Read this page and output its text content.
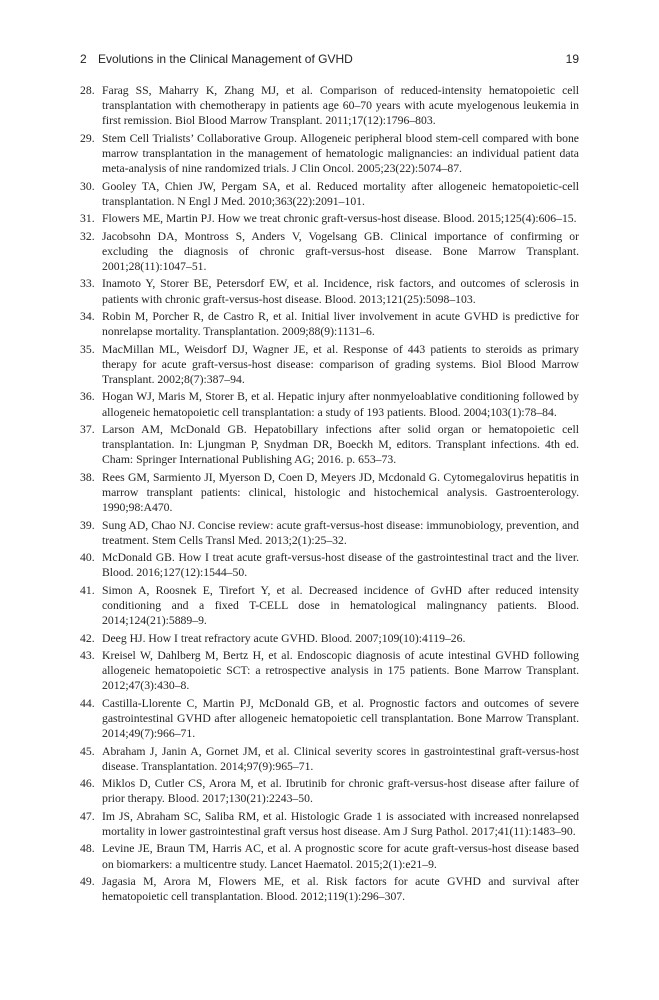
2 Evolutions in the Clinical Management of GVHD	19
28. Farag SS, Maharry K, Zhang MJ, et al. Comparison of reduced-intensity hematopoietic cell transplantation with chemotherapy in patients age 60–70 years with acute myelogenous leukemia in first remission. Biol Blood Marrow Transplant. 2011;17(12):1796–803.
29. Stem Cell Trialists’ Collaborative Group. Allogeneic peripheral blood stem-cell compared with bone marrow transplantation in the management of hematologic malignancies: an individual patient data meta-analysis of nine randomized trials. J Clin Oncol. 2005;23(22):5074–87.
30. Gooley TA, Chien JW, Pergam SA, et al. Reduced mortality after allogeneic hematopoietic-cell transplantation. N Engl J Med. 2010;363(22):2091–101.
31. Flowers ME, Martin PJ. How we treat chronic graft-versus-host disease. Blood. 2015;125(4):606–15.
32. Jacobsohn DA, Montross S, Anders V, Vogelsang GB. Clinical importance of confirming or excluding the diagnosis of chronic graft-versus-host disease. Bone Marrow Transplant. 2001;28(11):1047–51.
33. Inamoto Y, Storer BE, Petersdorf EW, et al. Incidence, risk factors, and outcomes of sclerosis in patients with chronic graft-versus-host disease. Blood. 2013;121(25):5098–103.
34. Robin M, Porcher R, de Castro R, et al. Initial liver involvement in acute GVHD is predictive for nonrelapse mortality. Transplantation. 2009;88(9):1131–6.
35. MacMillan ML, Weisdorf DJ, Wagner JE, et al. Response of 443 patients to steroids as primary therapy for acute graft-versus-host disease: comparison of grading systems. Biol Blood Marrow Transplant. 2002;8(7):387–94.
36. Hogan WJ, Maris M, Storer B, et al. Hepatic injury after nonmyeloablative conditioning followed by allogeneic hematopoietic cell transplantation: a study of 193 patients. Blood. 2004;103(1):78–84.
37. Larson AM, McDonald GB. Hepatobillary infections after solid organ or hematopoietic cell transplantation. In: Ljungman P, Snydman DR, Boeckh M, editors. Transplant infections. 4th ed. Cham: Springer International Publishing AG; 2016. p. 653–73.
38. Rees GM, Sarmiento JI, Myerson D, Coen D, Meyers JD, Mcdonald G. Cytomegalovirus hepatitis in marrow transplant patients: clinical, histologic and histochemical analysis. Gastroenterology. 1990;98:A470.
39. Sung AD, Chao NJ. Concise review: acute graft-versus-host disease: immunobiology, prevention, and treatment. Stem Cells Transl Med. 2013;2(1):25–32.
40. McDonald GB. How I treat acute graft-versus-host disease of the gastrointestinal tract and the liver. Blood. 2016;127(12):1544–50.
41. Simon A, Roosnek E, Tirefort Y, et al. Decreased incidence of GvHD after reduced intensity conditioning and a fixed T-CELL dose in hematological malingnancy patients. Blood. 2014;124(21):5889–9.
42. Deeg HJ. How I treat refractory acute GVHD. Blood. 2007;109(10):4119–26.
43. Kreisel W, Dahlberg M, Bertz H, et al. Endoscopic diagnosis of acute intestinal GVHD following allogeneic hematopoietic SCT: a retrospective analysis in 175 patients. Bone Marrow Transplant. 2012;47(3):430–8.
44. Castilla-Llorente C, Martin PJ, McDonald GB, et al. Prognostic factors and outcomes of severe gastrointestinal GVHD after allogeneic hematopoietic cell transplantation. Bone Marrow Transplant. 2014;49(7):966–71.
45. Abraham J, Janin A, Gornet JM, et al. Clinical severity scores in gastrointestinal graft-versus-host disease. Transplantation. 2014;97(9):965–71.
46. Miklos D, Cutler CS, Arora M, et al. Ibrutinib for chronic graft-versus-host disease after failure of prior therapy. Blood. 2017;130(21):2243–50.
47. Im JS, Abraham SC, Saliba RM, et al. Histologic Grade 1 is associated with increased nonrelapsed mortality in lower gastrointestinal graft versus host disease. Am J Surg Pathol. 2017;41(11):1483–90.
48. Levine JE, Braun TM, Harris AC, et al. A prognostic score for acute graft-versus-host disease based on biomarkers: a multicentre study. Lancet Haematol. 2015;2(1):e21–9.
49. Jagasia M, Arora M, Flowers ME, et al. Risk factors for acute GVHD and survival after hematopoietic cell transplantation. Blood. 2012;119(1):296–307.
